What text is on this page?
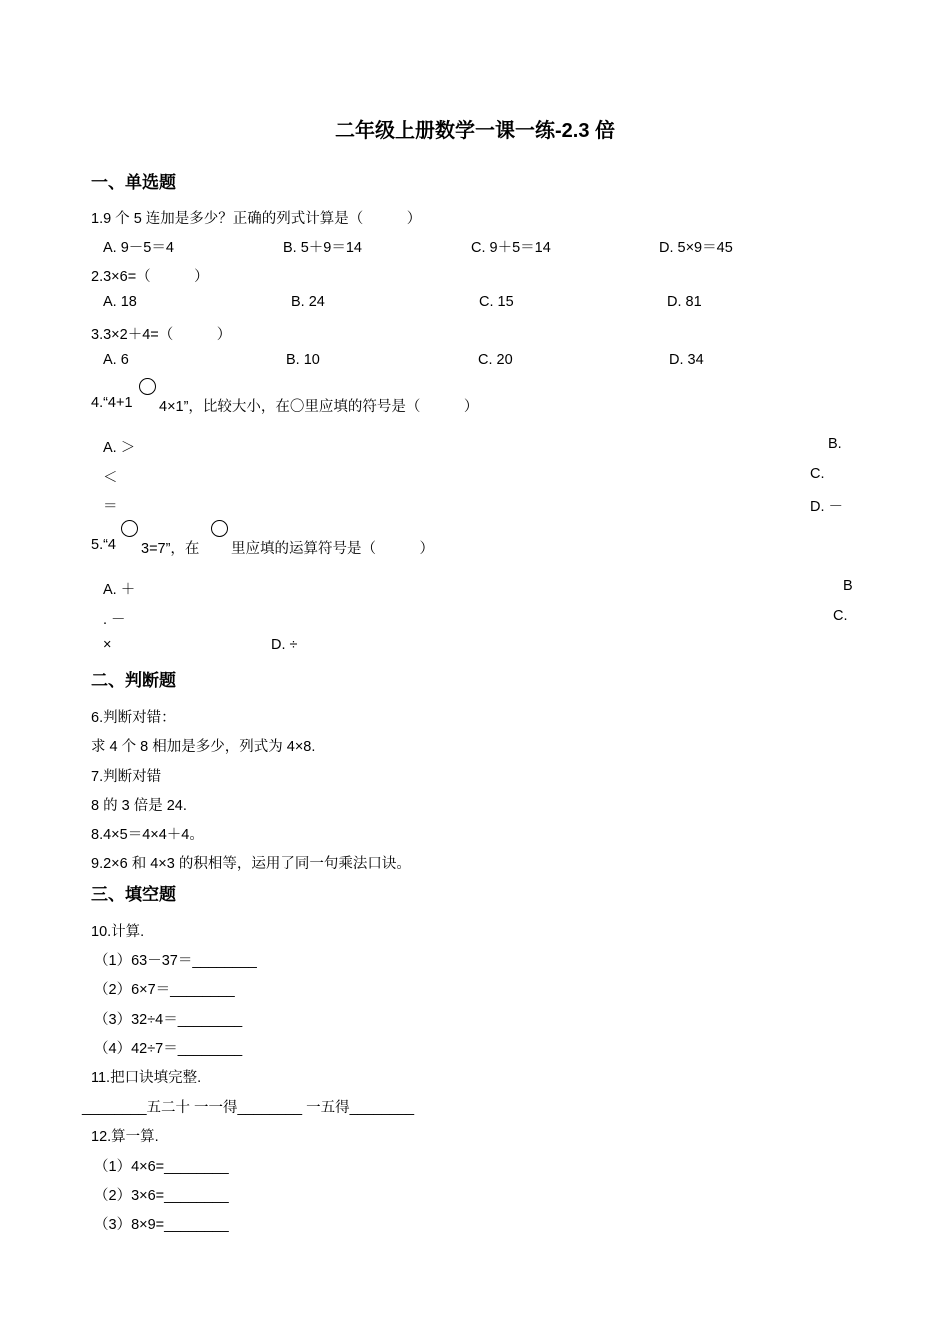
二年级上册数学一课一练-2.3 倍
一、单选题
1.9 个 5 连加是多少？正确的列式计算是（　　　）
A. 9－5＝4	B. 5＋9＝14	C. 9＋5＝14	D. 5×9＝45
2.3×6=（　　　）
A. 18	B. 24	C. 15	D. 81
3.3×2＋4=（　　　）
A. 6	B. 10	C. 20	D. 34
4.“4+1 4×1”，比较大小，在〇里应填的符号是（　　　）
A. ＞	B.
＜	C.
＝	D. －
5.“4 3=7”，在 里应填的运算符号是（　　　）
A. ＋	B
. －	C.
×	D. ÷
二、判断题
6.判断对错：
求 4 个 8 相加是多少，列式为 4×8.
7.判断对错
8 的 3 倍是 24.
8.4×5＝4×4＋4。
9.2×6 和 4×3 的积相等，运用了同一句乘法口诀。
三、填空题
10.计算.
（1）63－37＝________
（2）6×7＝________
（3）32÷4＝________
（4）42÷7＝________
11.把口诀填完整.
________五二十 一一得________ 一五得________
12.算一算.
（1）4×6=________
（2）3×6=________
（3）8×9=________
